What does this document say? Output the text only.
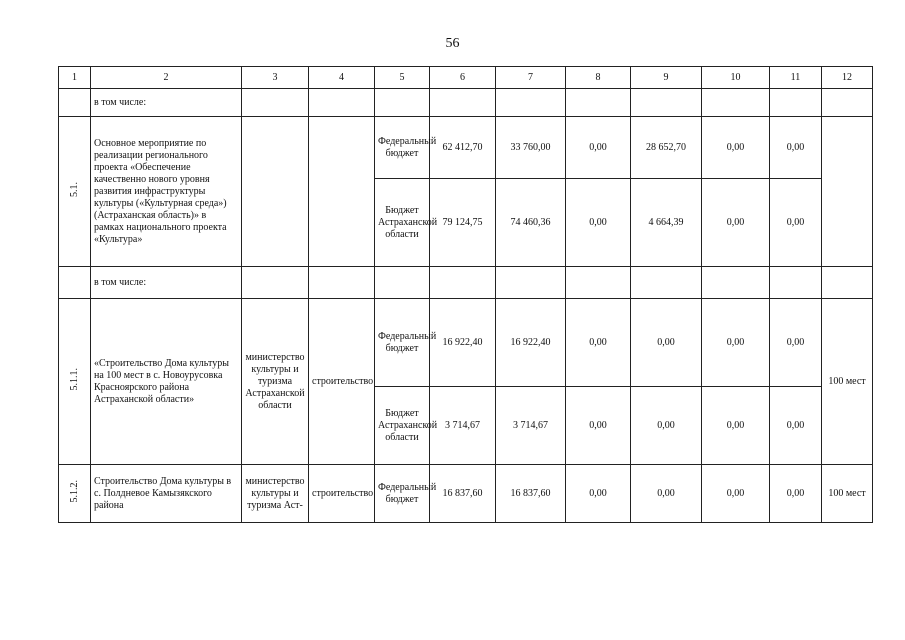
56
1	2	3	4	5	6	7	8	9	10	11	12
	в том числе:										
5.1.	Основное мероприятие по реализации регионального проекта «Обеспечение качественно нового уровня развития инфраструктуры культуры («Культурная среда») (Астраханская область)» в рамках национального проекта «Культура»			Федеральный бюджет	62 412,70	33 760,00	0,00	28 652,70	0,00	0,00	
				Бюджет Астраханской области	79 124,75	74 460,36	0,00	4 664,39	0,00	0,00	
	в том числе:										
5.1.1.	«Строительство Дома культуры на 100 мест в с. Новоурусовка Красноярского района Астраханской области»	министерство культуры и туризма Астраханской области	строительство	Федеральный бюджет	16 922,40	16 922,40	0,00	0,00	0,00	0,00	100 мест
				Бюджет Астраханской области	3 714,67	3 714,67	0,00	0,00	0,00	0,00	
5.1.2.	Строительство Дома культуры в с. Полдневое Камызякского района	министерство культуры и туризма Аст-	строительство	Федеральный бюджет	16 837,60	16 837,60	0,00	0,00	0,00	0,00	100 мест
